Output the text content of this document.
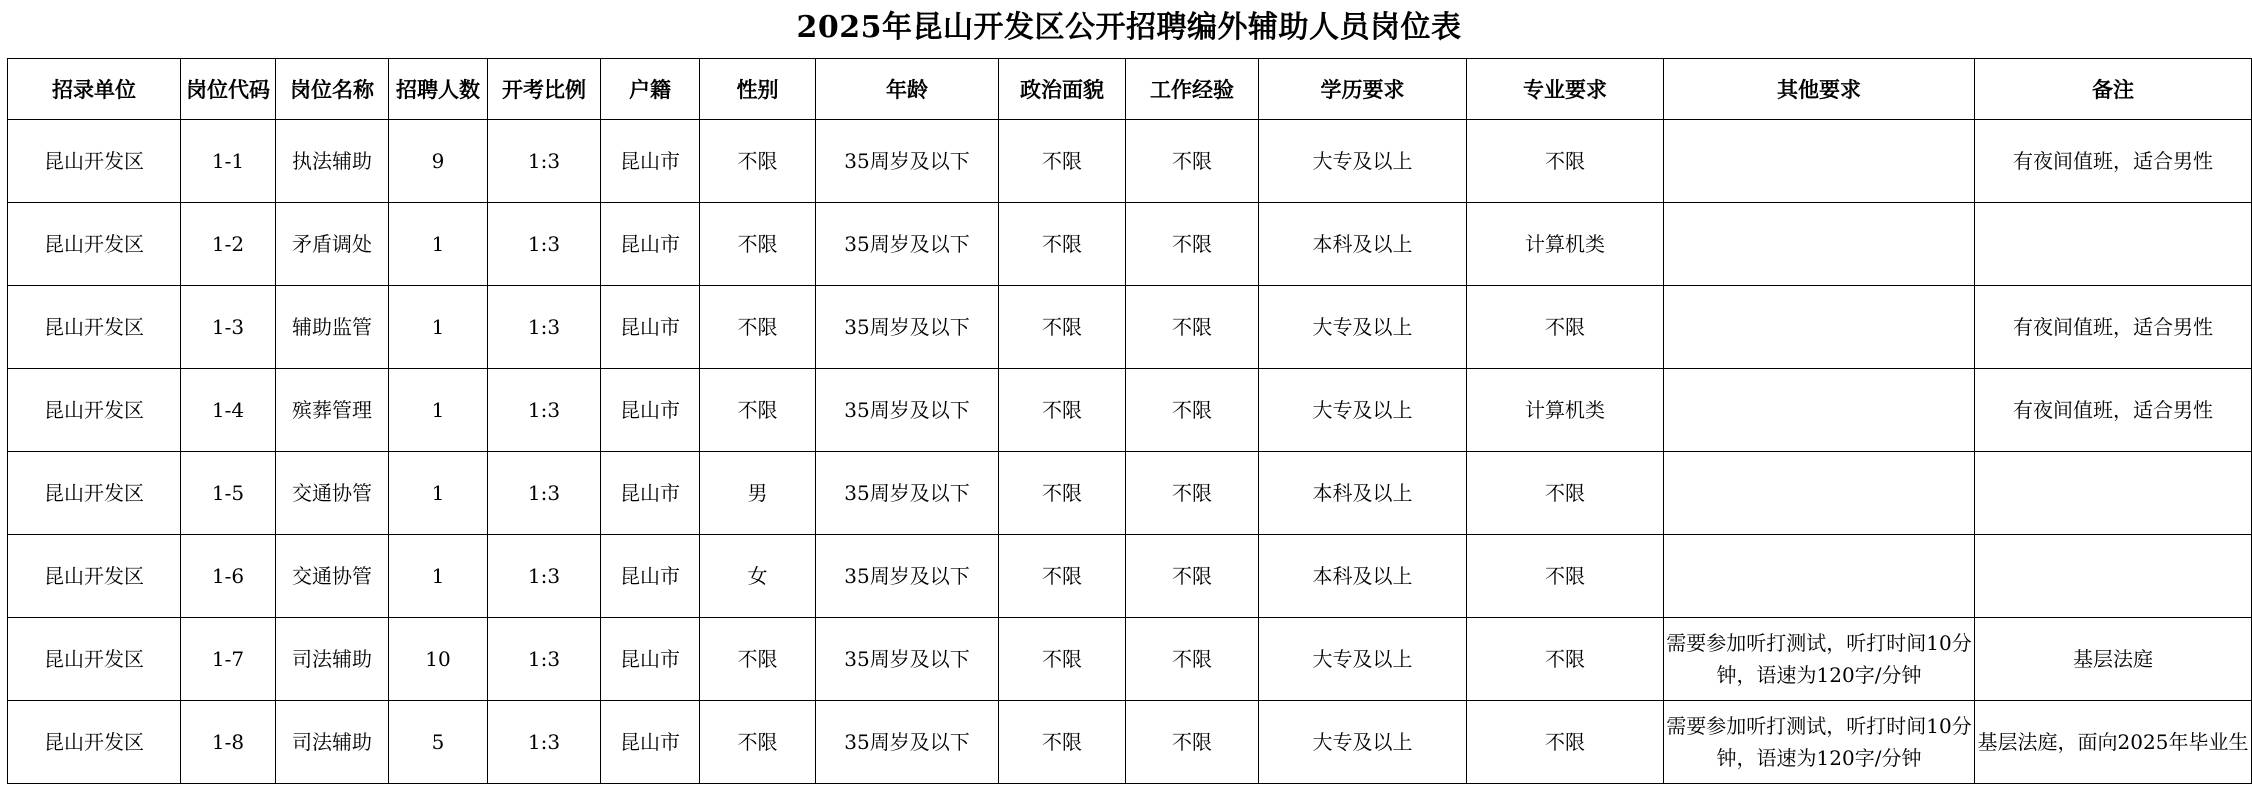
2025年昆山开发区公开招聘编外辅助人员岗位表
招录单位	岗位代码	岗位名称	招聘人数	开考比例	户籍	性别	年龄	政治面貌	工作经验	学历要求	专业要求	其他要求	备注
昆山开发区	1-1	执法辅助	9	1:3	昆山市	不限	35周岁及以下	不限	不限	大专及以上	不限		有夜间值班，适合男性
昆山开发区	1-2	矛盾调处	1	1:3	昆山市	不限	35周岁及以下	不限	不限	本科及以上	计算机类		
昆山开发区	1-3	辅助监管	1	1:3	昆山市	不限	35周岁及以下	不限	不限	大专及以上	不限		有夜间值班，适合男性
昆山开发区	1-4	殡葬管理	1	1:3	昆山市	不限	35周岁及以下	不限	不限	大专及以上	计算机类		有夜间值班，适合男性
昆山开发区	1-5	交通协管	1	1:3	昆山市	男	35周岁及以下	不限	不限	本科及以上	不限		
昆山开发区	1-6	交通协管	1	1:3	昆山市	女	35周岁及以下	不限	不限	本科及以上	不限		
昆山开发区	1-7	司法辅助	10	1:3	昆山市	不限	35周岁及以下	不限	不限	大专及以上	不限	需要参加听打测试，听打时间10分钟，语速为120字/分钟	基层法庭
昆山开发区	1-8	司法辅助	5	1:3	昆山市	不限	35周岁及以下	不限	不限	大专及以上	不限	需要参加听打测试，听打时间10分钟，语速为120字/分钟	基层法庭，面向2025年毕业生
